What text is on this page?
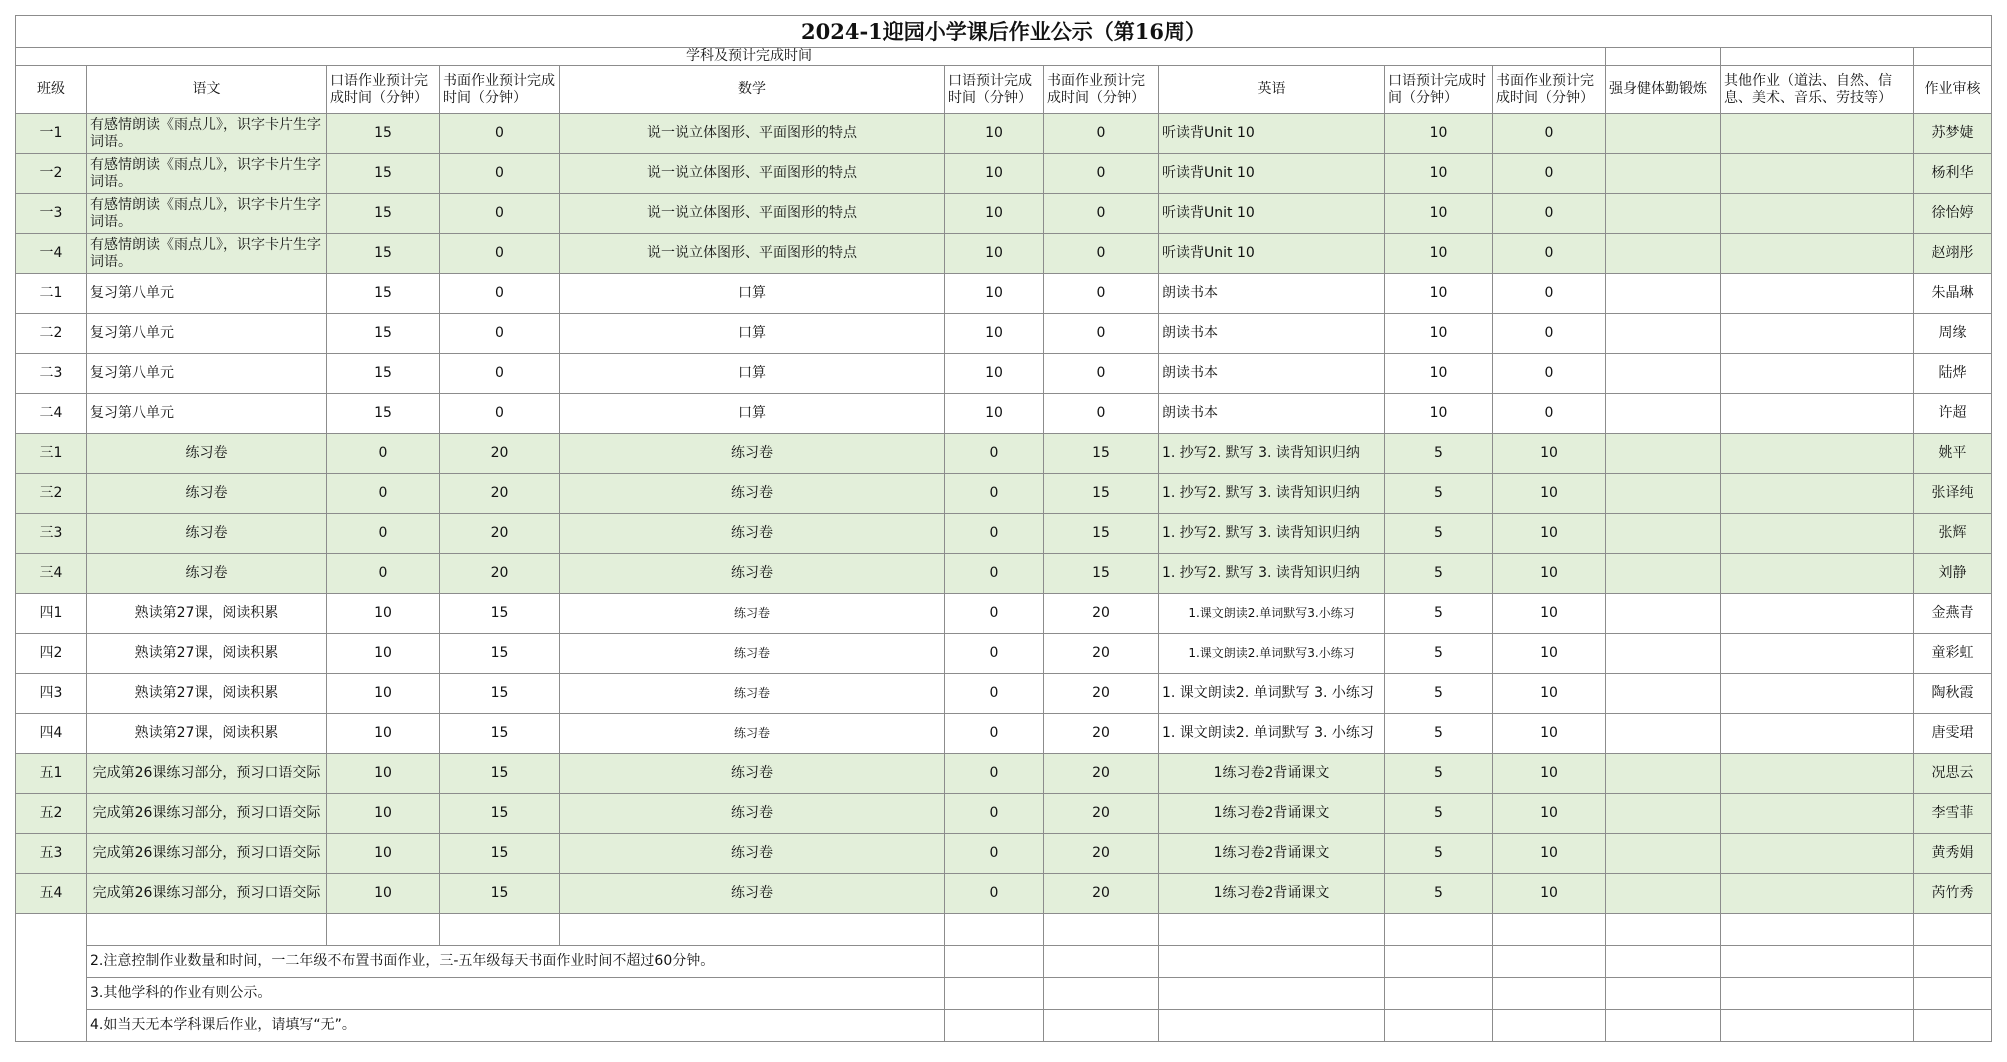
2024-1迎园小学课后作业公示（第16周）												
学科及预计完成时间												
班级	语文	口语作业预计完成时间（分钟）	书面作业预计完成时间（分钟）	数学	口语预计完成时间（分钟）	书面作业预计完成时间（分钟）	英语	口语预计完成时间（分钟）	书面作业预计完成时间（分钟）	强身健体勤锻炼	其他作业（道法、自然、信息、美术、音乐、劳技等）	作业审核
一1	有感情朗读《雨点儿》，识字卡片生字词语。	15	0	说一说立体图形、平面图形的特点	10	0	听读背Unit 10	10	0			苏梦婕
一2	有感情朗读《雨点儿》，识字卡片生字词语。	15	0	说一说立体图形、平面图形的特点	10	0	听读背Unit 10	10	0			杨利华
一3	有感情朗读《雨点儿》，识字卡片生字词语。	15	0	说一说立体图形、平面图形的特点	10	0	听读背Unit 10	10	0			徐怡婷
一4	有感情朗读《雨点儿》，识字卡片生字词语。	15	0	说一说立体图形、平面图形的特点	10	0	听读背Unit 10	10	0			赵翊彤
二1	复习第八单元	15	0	口算	10	0	朗读书本	10	0			朱晶琳
二2	复习第八单元	15	0	口算	10	0	朗读书本	10	0			周缘
二3	复习第八单元	15	0	口算	10	0	朗读书本	10	0			陆烨
二4	复习第八单元	15	0	口算	10	0	朗读书本	10	0			许超
三1	练习卷	0	20	练习卷	0	15	1. 抄写2. 默写 3. 读背知识归纳	5	10			姚平
三2	练习卷	0	20	练习卷	0	15	1. 抄写2. 默写 3. 读背知识归纳	5	10			张译纯
三3	练习卷	0	20	练习卷	0	15	1. 抄写2. 默写 3. 读背知识归纳	5	10			张辉
三4	练习卷	0	20	练习卷	0	15	1. 抄写2. 默写 3. 读背知识归纳	5	10			刘静
四1	熟读第27课，阅读积累	10	15	练习卷	0	20	1.课文朗读2.单词默写3.小练习	5	10			金燕青
四2	熟读第27课，阅读积累	10	15	练习卷	0	20	1.课文朗读2.单词默写3.小练习	5	10			童彩虹
四3	熟读第27课，阅读积累	10	15	练习卷	0	20	1. 课文朗读2. 单词默写 3. 小练习	5	10			陶秋霞
四4	熟读第27课，阅读积累	10	15	练习卷	0	20	1. 课文朗读2. 单词默写 3. 小练习	5	10			唐雯珺
五1	完成第26课练习部分，预习口语交际	10	15	练习卷	0	20	1练习卷2背诵课文	5	10			况思云
五2	完成第26课练习部分，预习口语交际	10	15	练习卷	0	20	1练习卷2背诵课文	5	10			李雪菲
五3	完成第26课练习部分，预习口语交际	10	15	练习卷	0	20	1练习卷2背诵课文	5	10			黄秀娟
五4	完成第26课练习部分，预习口语交际	10	15	练习卷	0	20	1练习卷2背诵课文	5	10			芮竹秀

	2.注意控制作业数量和时间，一二年级不布置书面作业，三-五年级每天书面作业时间不超过60分钟。											
	3.其他学科的作业有则公示。											
	4.如当天无本学科课后作业，请填写“无”。											
